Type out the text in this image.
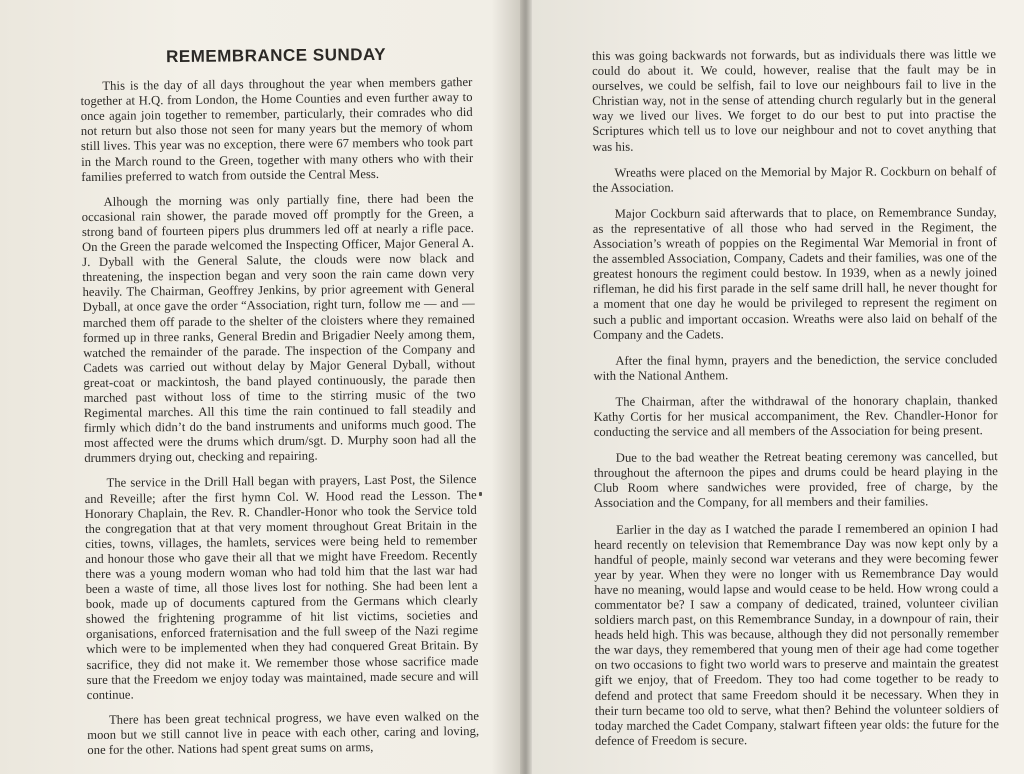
REMEMBRANCE SUNDAY

This is the day of all days throughout the year when members gather together at H.Q. from London, the Home Counties and even further away to once again join together to remember, particularly, their comrades who did not return but also those not seen for many years but the memory of whom still lives. This year was no exception, there were 67 members who took part in the March round to the Green, together with many others who with their families preferred to watch from outside the Central Mess.

Alhough the morning was only partially fine, there had been the occasional rain shower, the parade moved off promptly for the Green, a strong band of fourteen pipers plus drummers led off at nearly a rifle pace. On the Green the parade welcomed the Inspecting Officer, Major General A. J. Dyball with the General Salute, the clouds were now black and threatening, the inspection began and very soon the rain came down very heavily. The Chairman, Geoffrey Jenkins, by prior agreement with General Dyball, at once gave the order “Association, right turn, follow me — and — marched them off parade to the shelter of the cloisters where they remained formed up in three ranks, General Bredin and Brigadier Neely among them, watched the remainder of the parade. The inspection of the Company and Cadets was carried out without delay by Major General Dyball, without great-coat or mackintosh, the band played continuously, the parade then marched past without loss of time to the stirring music of the two Regimental marches. All this time the rain continued to fall steadily and firmly which didn’t do the band instruments and uniforms much good. The most affected were the drums which drum/sgt. D. Murphy soon had all the drummers drying out, checking and repairing.

The service in the Drill Hall began with prayers, Last Post, the Silence and Reveille; after the first hymn Col. W. Hood read the Lesson. The Honorary Chaplain, the Rev. R. Chandler-Honor who took the Service told the congregation that at that very moment throughout Great Britain in the cities, towns, villages, the hamlets, services were being held to remember and honour those who gave their all that we might have Freedom. Recently there was a young modern woman who had told him that the last war had been a waste of time, all those lives lost for nothing. She had been lent a book, made up of documents captured from the Germans which clearly showed the frightening programme of hit list victims, societies and organisations, enforced fraternisation and the full sweep of the Nazi regime which were to be implemented when they had conquered Great Britain. By sacrifice, they did not make it. We remember those whose sacrifice made sure that the Freedom we enjoy today was maintained, made secure and will continue.

There has been great technical progress, we have even walked on the moon but we still cannot live in peace with each other, caring and loving, one for the other. Nations had spent great sums on arms,

this was going backwards not forwards, but as individuals there was little we could do about it. We could, however, realise that the fault may be in ourselves, we could be selfish, fail to love our neighbours fail to live in the Christian way, not in the sense of attending church regularly but in the general way we lived our lives. We forget to do our best to put into practise the Scriptures which tell us to love our neighbour and not to covet anything that was his.

Wreaths were placed on the Memorial by Major R. Cockburn on behalf of the Association.

Major Cockburn said afterwards that to place, on Remembrance Sunday, as the representative of all those who had served in the Regiment, the Association’s wreath of poppies on the Regimental War Memorial in front of the assembled Association, Company, Cadets and their families, was one of the greatest honours the regiment could bestow. In 1939, when as a newly joined rifleman, he did his first parade in the self same drill hall, he never thought for a moment that one day he would be privileged to represent the regiment on such a public and important occasion. Wreaths were also laid on behalf of the Company and the Cadets.

After the final hymn, prayers and the benediction, the service concluded with the National Anthem.

The Chairman, after the withdrawal of the honorary chaplain, thanked Kathy Cortis for her musical accompaniment, the Rev. Chandler-Honor for conducting the service and all members of the Association for being present.

Due to the bad weather the Retreat beating ceremony was cancelled, but throughout the afternoon the pipes and drums could be heard playing in the Club Room where sandwiches were provided, free of charge, by the Association and the Company, for all members and their families.

Earlier in the day as I watched the parade I remembered an opinion I had heard recently on television that Remembrance Day was now kept only by a handful of people, mainly second war veterans and they were becoming fewer year by year. When they were no longer with us Remembrance Day would have no meaning, would lapse and would cease to be held. How wrong could a commentator be? I saw a company of dedicated, trained, volunteer civilian soldiers march past, on this Remembrance Sunday, in a downpour of rain, their heads held high. This was because, although they did not personally remember the war days, they remembered that young men of their age had come together on two occasions to fight two world wars to preserve and maintain the greatest gift we enjoy, that of Freedom. They too had come together to be ready to defend and protect that same Freedom should it be necessary. When they in their turn became too old to serve, what then? Behind the volunteer soldiers of today marched the Cadet Company, stalwart fifteen year olds: the future for the defence of Freedom is secure.
